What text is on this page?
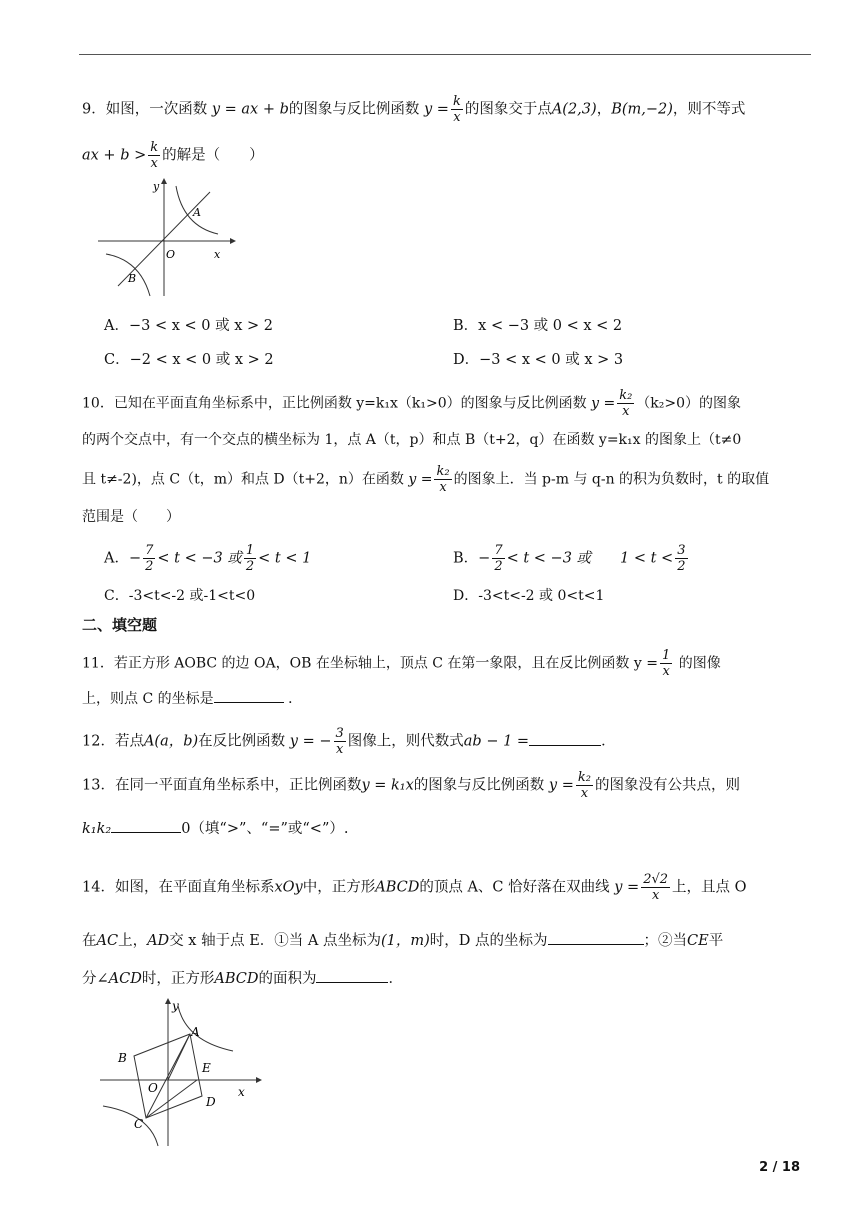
9．如图，一次函数 y = ax + b的图象与反比例函数 $y = \frac{k}{x}$ 的图象交于点A(2,3)，B(m,−2)，则不等式
ax + $b > \frac{k}{x}$ 的解是（　　）
y
A
O	x
B
A．−3 < x < 0 或 x > 2	B．x < −3 或 0 < x < 2
C．−2 < x < 0 或 x > 2	D．−3 < x < 0 或 x > 3
10．已知在平面直角坐标系中，正比例函数 y=k₁x（k₁>0）的图象与反比例函数 $y = \frac{\text{k₂}}{x} (k_2>0)$的图象
的两个交点中，有一个交点的横坐标为 1，点 A（t，p）和点 B（t+2，q）在函数 y=k₁x 的图象上（t≠0
且 t≠-2)，点 C（t，m）和点 D（t+2，n）在函数 $y = \frac{\text{k₂}}{x}$ 的图象上．当 p-m 与 q-n 的积为负数时，t 的取值
范围是（　　）
A．− $\frac{7}{2} < t < -3$ 或 $\frac{1}{2} < t < 1$	B．− $\frac{7}{2} < t < -3$ 或　　$1 < t < \frac{3}{2}$
C．-3<t<-2 或-1<t<0	D．-3<t<-2 或 0<t<1
二、填空题
11．若正方形 AOBC 的边 OA，OB 在坐标轴上，顶点 C 在第一象限，且在反比例函数 $y = \frac{1}{x}$ 的图像
上，则点 C 的坐标是	．
12．若点A(a，b)在反比例函数 y = − $\frac{3}{x}$ 图像上，则代数式ab − 1 =	．
13．在同一平面直角坐标系中，正比例函数y = k₁x的图象与反比例函数 $y = \frac{\text{k₂}}{x}$ 的图象没有公共点，则
k₁k₂	0（填“>”、“=”或“<”）.
14．如图，在平面直角坐标系xOy中，正方形ABCD的顶点 A、C 恰好落在双曲线 $y = \frac{2√2}{x}$ 上，且点 O
在AC上，AD交 x 轴于点 E．①当 A 点坐标为(1，m)时，D 点的坐标为	；②当CE平
分∠ACD时，正方形ABCD的面积为	．
y
A
B
O
E
D
C
x
2 / 18
